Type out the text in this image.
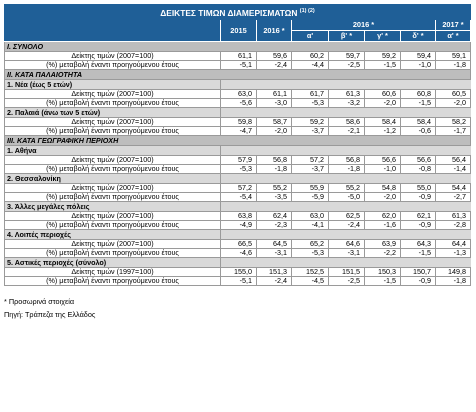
ΔΕΙΚΤΕΣ ΤΙΜΩΝ ΔΙΑΜΕΡΙΣΜΑΤΩΝ $^{(1) (2)}$
	2015	2016 *	2016 *				2017 *
			α'	β' *	γ' *	δ' *	α' *
Ι. ΣΥΝΟΛΟ							
Δείκτης τιμών (2007=100)	61,1	59,6	60,2	59,7	59,2	59,4	59,1
(%) μεταβολή έναντι προηγούμενου έτους	-5,1	-2,4	-4,4	-2,5	-1,5	-1,0	-1,8
ΙΙ. ΚΑΤΑ ΠΑΛΑΙΟΤΗΤΑ							
1. Νέα (έως 5 ετών)							
Δείκτης τιμών (2007=100)	63,0	61,1	61,7	61,3	60,6	60,8	60,5
(%) μεταβολή έναντι προηγούμενου έτους	-5,6	-3,0	-5,3	-3,2	-2,0	-1,5	-2,0
2. Παλαιά (άνω των 5 ετών)							
Δείκτης τιμών (2007=100)	59,8	58,7	59,2	58,6	58,4	58,4	58,2
(%) μεταβολή έναντι προηγούμενου έτους	-4,7	-2,0	-3,7	-2,1	-1,2	-0,6	-1,7
ΙΙΙ. ΚΑΤΑ ΓΕΩΓΡΑΦΙΚΗ ΠΕΡΙΟΧΗ							
1. Αθήνα							
Δείκτης τιμών (2007=100)	57,9	56,8	57,2	56,8	56,6	56,6	56,4
(%) μεταβολή έναντι προηγούμενου έτους	-5,3	-1,8	-3,7	-1,8	-1,0	-0,8	-1,4
2. Θεσσαλονίκη							
Δείκτης τιμών (2007=100)	57,2	55,2	55,9	55,2	54,8	55,0	54,4
(%) μεταβολή έναντι προηγούμενου έτους	-5,4	-3,5	-5,9	-5,0	-2,0	-0,9	-2,7
3. Άλλες μεγάλες πόλεις							
Δείκτης τιμών (2007=100)	63,8	62,4	63,0	62,5	62,0	62,1	61,3
(%) μεταβολή έναντι προηγούμενου έτους	-4,9	-2,3	-4,1	-2,4	-1,6	-0,9	-2,8
4. Λοιπές περιοχές							
Δείκτης τιμών (2007=100)	66,5	64,5	65,2	64,6	63,9	64,3	64,4
(%) μεταβολή έναντι προηγούμενου έτους	-4,6	-3,1	-5,3	-3,1	-2,2	-1,5	-1,3
5. Αστικές περιοχές (σύνολο)							
Δείκτης τιμών (1997=100)	155,0	151,3	152,5	151,5	150,3	150,7	149,8
(%) μεταβολή έναντι προηγούμενου έτους	-5,1	-2,4	-4,5	-2,5	-1,5	-0,9	-1,8
* Προσωρινά στοιχεία
Πηγή: Τράπεζα της Ελλάδος
